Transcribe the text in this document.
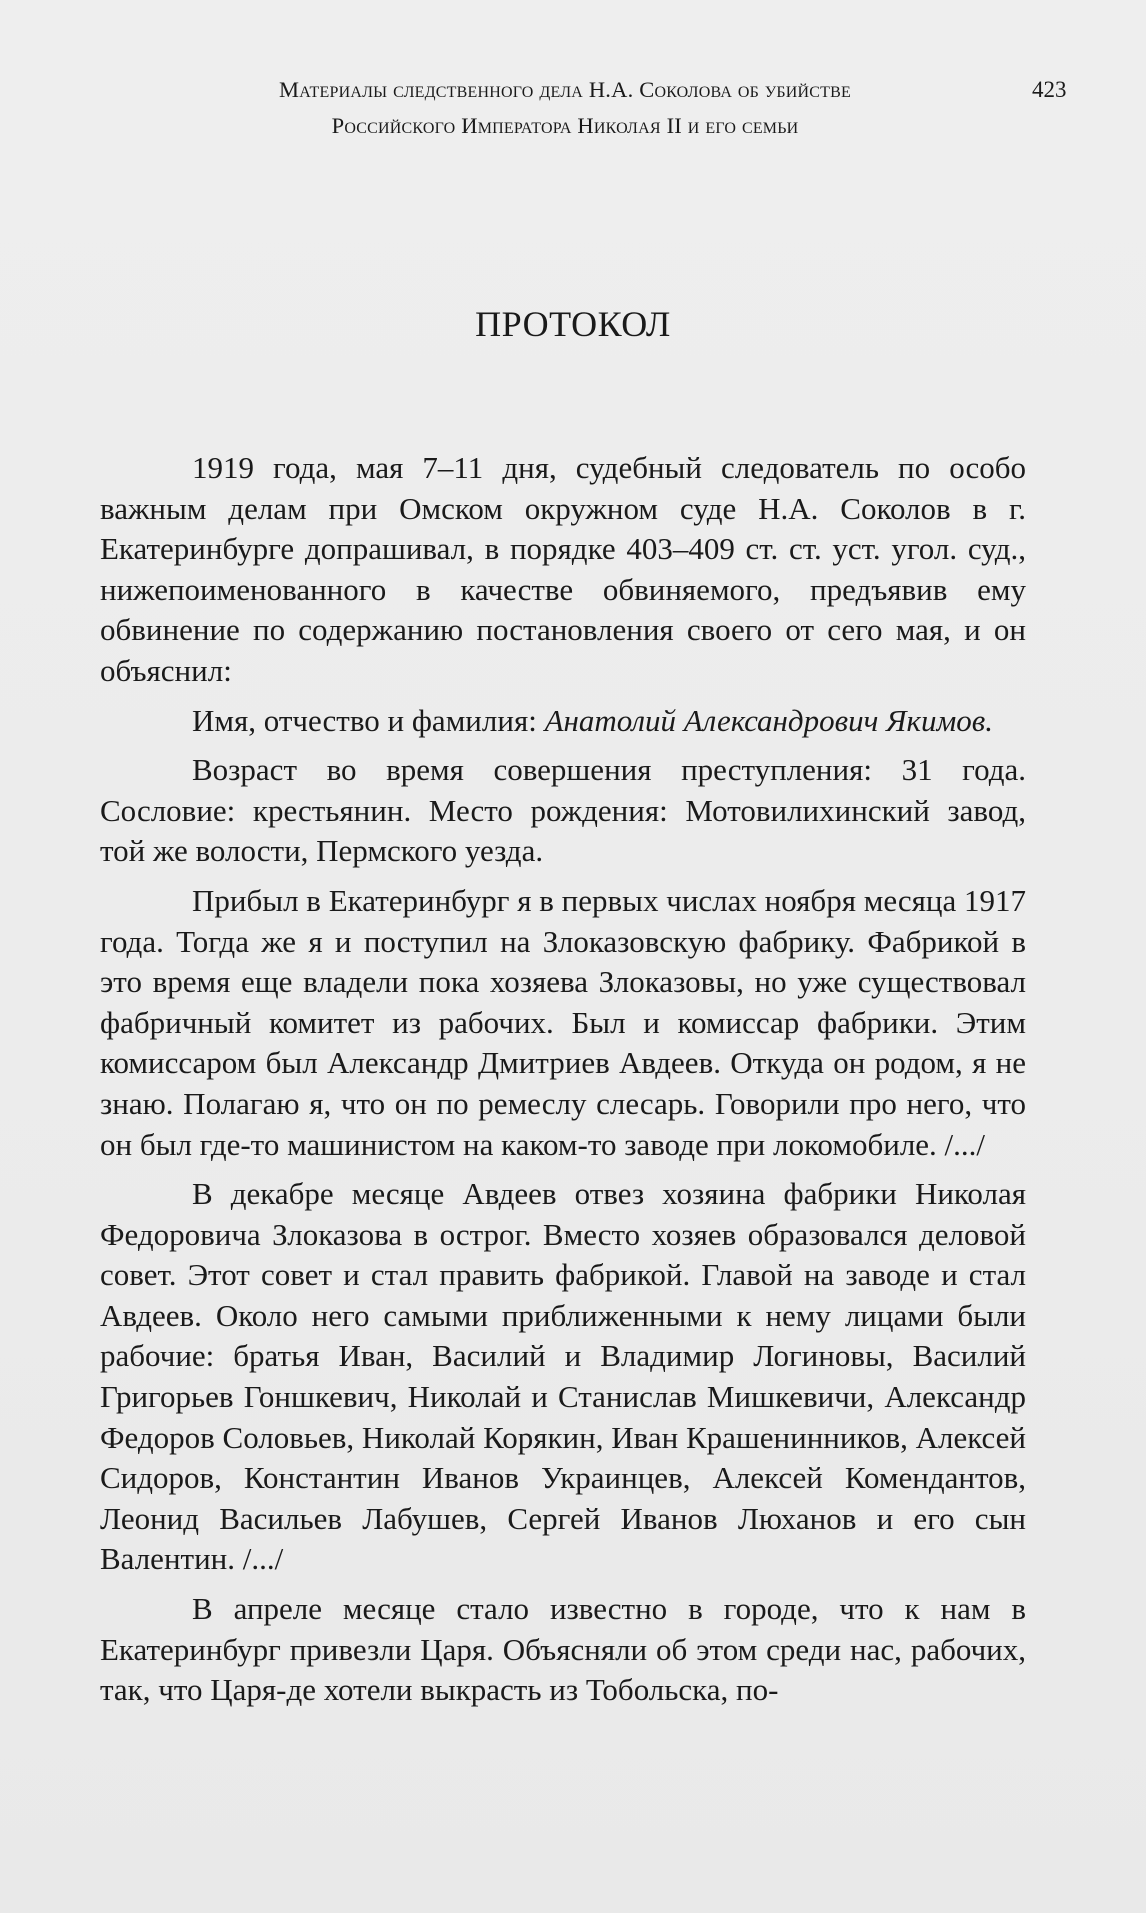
Материалы следственного дела Н.А. Соколова об убийстве
Российского Императора Николая II и его семьи
423
ПРОТОКОЛ

1919 года, мая 7–11 дня, судебный следователь по особо важным делам при Омском окружном суде Н.А. Соколов в г. Екатеринбурге допрашивал, в порядке 403–409 ст. ст. уст. угол. суд., нижепоименованного в качестве обвиняемого, предъявив ему обвинение по содержанию постановления своего от сего мая, и он объяснил:

Имя, отчество и фамилия: Анатолий Александрович Якимов.

Возраст во время совершения преступления: 31 года. Сословие: крестьянин. Место рождения: Мотовилихинский завод, той же волости, Пермского уезда.

Прибыл в Екатеринбург я в первых числах ноября месяца 1917 года. Тогда же я и поступил на Злоказовскую фабрику. Фабрикой в это время еще владели пока хозяева Злоказовы, но уже существовал фабричный комитет из рабочих. Был и комиссар фабрики. Этим комиссаром был Александр Дмитриев Авдеев. Откуда он родом, я не знаю. Полагаю я, что он по ремеслу слесарь. Говорили про него, что он был где-то машинистом на каком-то заводе при локомобиле. /.../

В декабре месяце Авдеев отвез хозяина фабрики Николая Федоровича Злоказова в острог. Вместо хозяев образовался деловой совет. Этот совет и стал править фабрикой. Главой на заводе и стал Авдеев. Около него самыми приближенными к нему лицами были рабочие: братья Иван, Василий и Владимир Логиновы, Василий Григорьев Гоншкевич, Николай и Станислав Мишкевичи, Александр Федоров Соловьев, Николай Корякин, Иван Крашенинников, Алексей Сидоров, Константин Иванов Украинцев, Алексей Комендантов, Леонид Васильев Лабушев, Сергей Иванов Люханов и его сын Валентин. /.../

В апреле месяце стало известно в городе, что к нам в Екатеринбург привезли Царя. Объясняли об этом среди нас, рабочих, так, что Царя-де хотели выкрасть из Тобольска, по-
